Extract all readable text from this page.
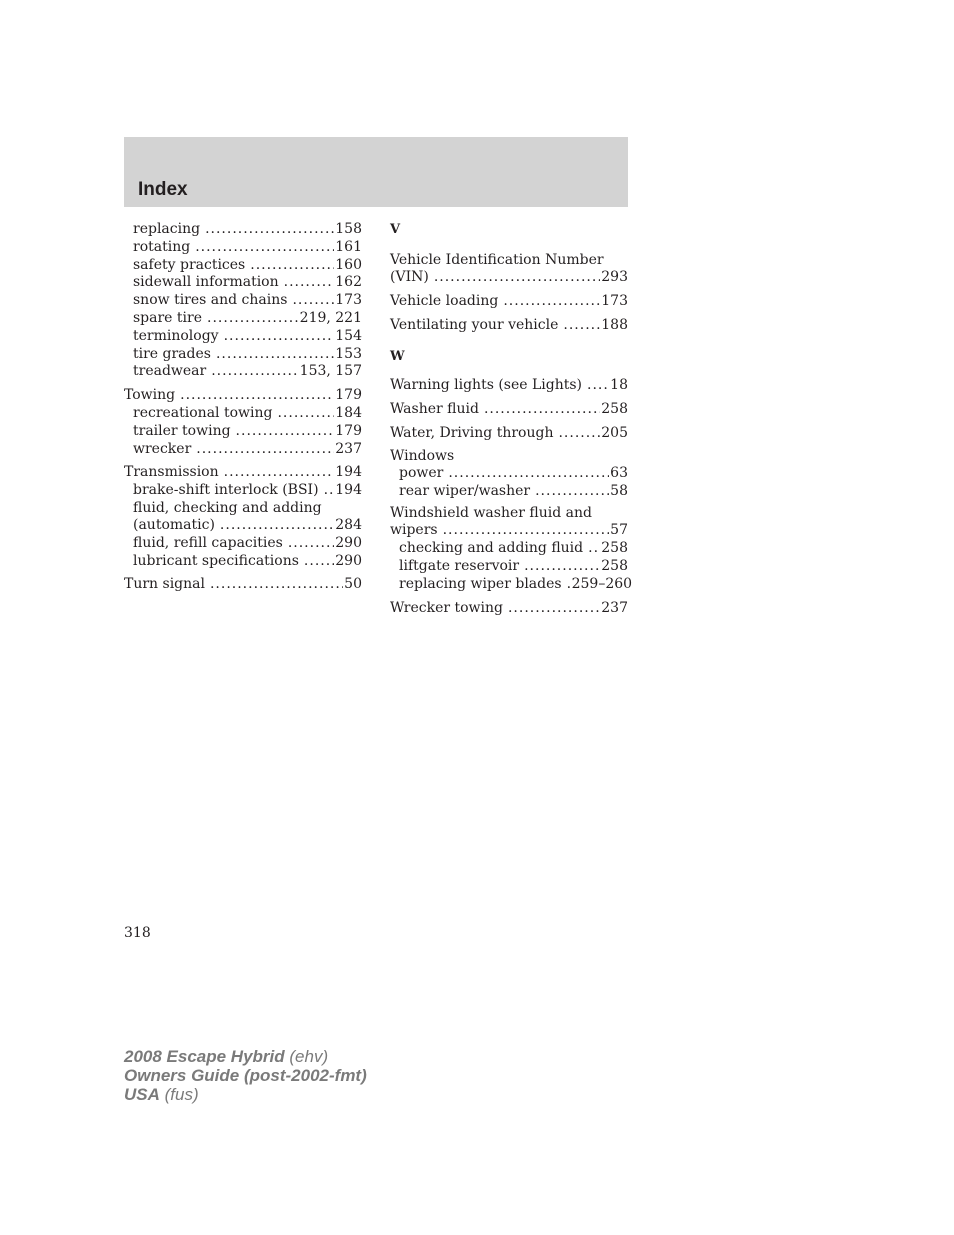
Index
replacing .....	158
rotating .....	161
safety practices .....	160
sidewall information .....	162
snow tires and chains .....	173
spare tire .....	219, 221
terminology .....	154
tire grades .....	153
treadwear .....	153, 157
Towing .....	179
recreational towing .....	184
trailer towing .....	179
wrecker .....	237
Transmission .....	194
brake-shift interlock (BSI) ..... 194
fluid, checking and adding
(automatic) .....	284
fluid, refill capacities .....	290
lubricant specifications .....	290
Turn signal .....	50
V
Vehicle Identification Number
(VIN) .....	293
Vehicle loading .....	173
Ventilating your vehicle .....	188
W
Warning lights (see Lights) ..... 18
Washer fluid .....	258
Water, Driving through .....	205
Windows
power .....	63
rear wiper/washer .....	58
Windshield washer fluid and
wipers .....	57
checking and adding fluid ..... 258
liftgate reservoir .....	258
replacing wiper blades ..... 259–260
Wrecker towing .....	237
318
2008 Escape Hybrid (ehv)
Owners Guide (post-2002-fmt)
USA (fus)
